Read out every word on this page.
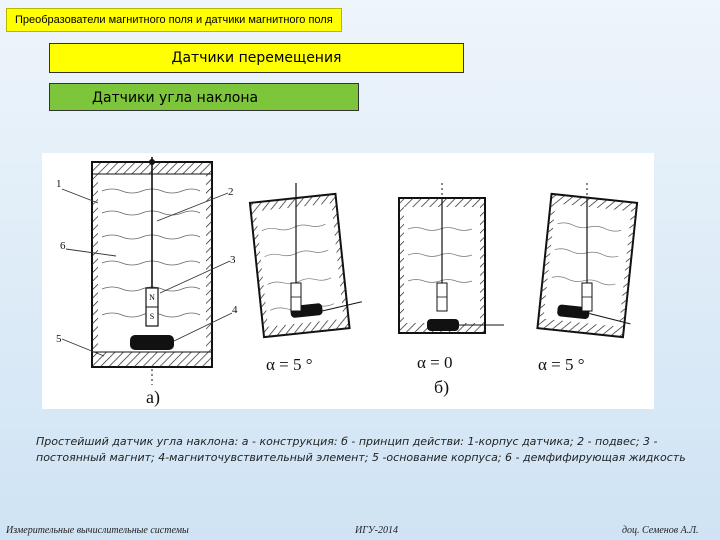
Преобразователи магнитного поля и датчики магнитного поля
Датчики перемещения
Датчики угла наклона
N
S
1
2
3
4
5
6
а)
α = 5 °	α = 0
б)
α = 5 °
Простейший датчик угла наклона: а - конструкция: б - принцип действи: 1-корпус датчика; 2 - подвес; 3 - постоянный магнит; 4-магниточувствительный элемент; 5 -основание корпуса; 6 - демфифирующая жидкость
Измерительные вычислительные системы	ИГУ-2014	доц. Семенов А.Л.
